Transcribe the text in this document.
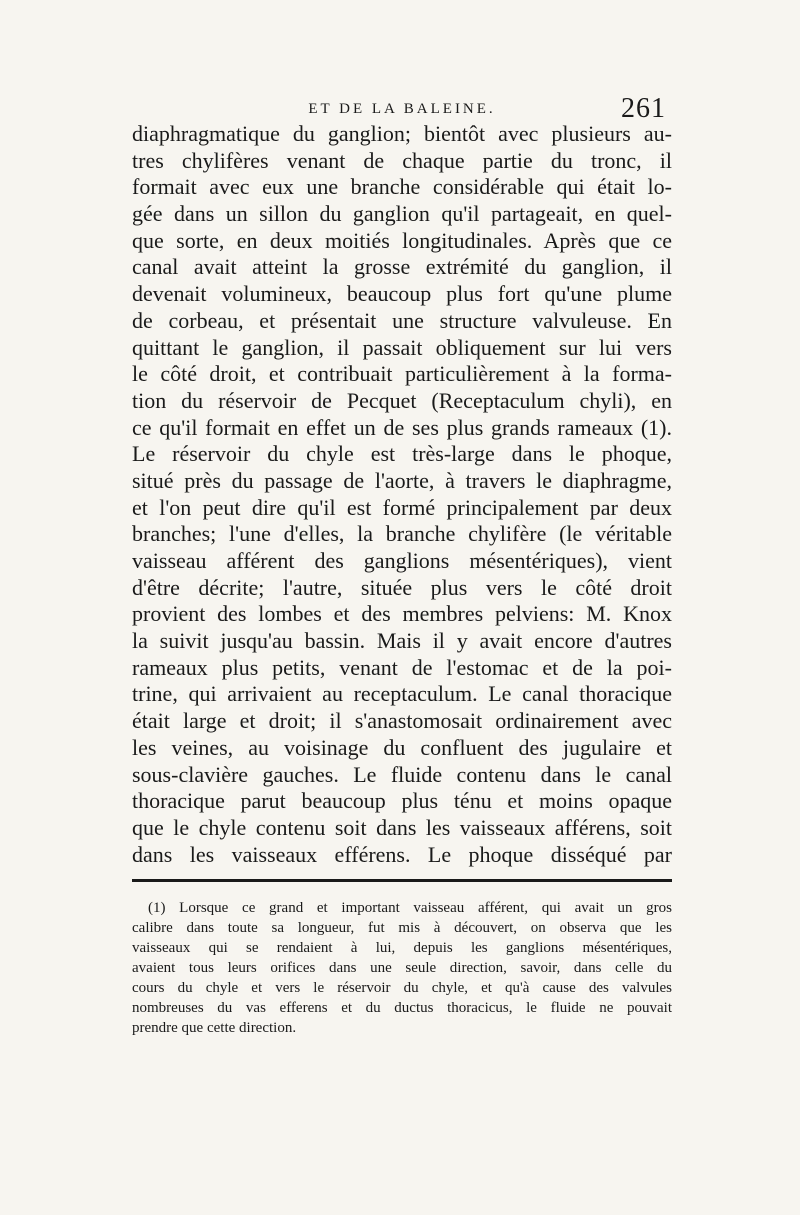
ET DE LA BALEINE.	261
diaphragmatique du ganglion; bientôt avec plusieurs au-
tres chylifères venant de chaque partie du tronc, il
formait avec eux une branche considérable qui était lo-
gée dans un sillon du ganglion qu'il partageait, en quel-
que sorte, en deux moitiés longitudinales. Après que ce
canal avait atteint la grosse extrémité du ganglion, il
devenait volumineux, beaucoup plus fort qu'une plume
de corbeau, et présentait une structure valvuleuse. En
quittant le ganglion, il passait obliquement sur lui vers
le côté droit, et contribuait particulièrement à la forma-
tion du réservoir de Pecquet (Receptaculum chyli), en
ce qu'il formait en effet un de ses plus grands rameaux (1).
Le réservoir du chyle est très-large dans le phoque,
situé près du passage de l'aorte, à travers le diaphragme,
et l'on peut dire qu'il est formé principalement par deux
branches; l'une d'elles, la branche chylifère (le véritable
vaisseau afférent des ganglions mésentériques), vient
d'être décrite; l'autre, située plus vers le côté droit
provient des lombes et des membres pelviens: M. Knox
la suivit jusqu'au bassin. Mais il y avait encore d'autres
rameaux plus petits, venant de l'estomac et de la poi-
trine, qui arrivaient au receptaculum. Le canal thoracique
était large et droit; il s'anastomosait ordinairement avec
les veines, au voisinage du confluent des jugulaire et
sous-clavière gauches. Le fluide contenu dans le canal
thoracique parut beaucoup plus ténu et moins opaque
que le chyle contenu soit dans les vaisseaux afférens, soit
dans les vaisseaux efférens. Le phoque disséqué par
(1) Lorsque ce grand et important vaisseau afférent, qui avait un gros
calibre dans toute sa longueur, fut mis à découvert, on observa que les
vaisseaux qui se rendaient à lui, depuis les ganglions mésentériques,
avaient tous leurs orifices dans une seule direction, savoir, dans celle du
cours du chyle et vers le réservoir du chyle, et qu'à cause des valvules
nombreuses du vas efferens et du ductus thoracicus, le fluide ne pouvait
prendre que cette direction.
